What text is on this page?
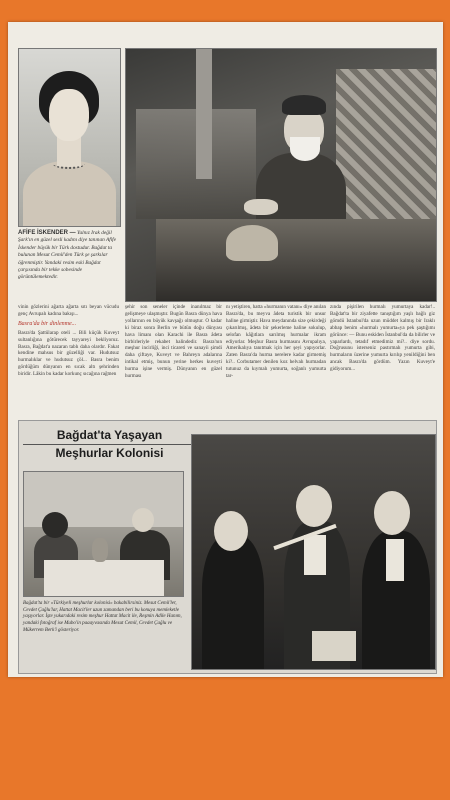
AFİFE İSKENDER — Yalnız Irak değil Şark'ın en güzel sesli kadını diye tanınan Afife İskender büyük bir Türk dostudur. Bağdat ta bulunan Mesut Cemil'den Türk şe şarkılar öğrenmiştir. Yandaki resim eski Bağdat çarşısında bir tekke sobesinde görüntülemektedir.
vinin gözlerini ağarta ağarta sıtı beyan vücudu genç Avrupalı kadına bakışı...
Basra'da bir dinlenme...
Basra'da Şattülarap oteli ... Bili küçük Kuveyt sultanlığına götürecek tayyareyi bekliyoruz. Basra, Bağdat'a nazaran tablı daha olardır. Fakat kendine mahsus bir güzelliği var. Hudutsuz hurmalıklar ve hudutsuz çöl... Basra benim gördüğüm dünyanın en sıcak altı şehrinden biridir. Lâkin bu kadar korkunç sıcağına rağmen
şehir son seneler içinde inanılmaz bir gelişmeye ulaşmıştır. Bugün Basra dünya hava yollarının en büyük kavşağı olmuştur. O kadar ki biraz sonra Berlin ve bütün doğu dünyası hava limanı olan Karachi ile Basra âdeta birbirleriyle rekabet halindedir. Basra'nın meşhur incirliği, inci ticareti ve sanayii şimdi daha çiftaye, Kuveyt ve Bahreyn adalarına intikal etmiş, bunun yerine herkes kuveyti hurma işine vermiş. Dünyanın en güzel hurması
nı yetiştiren, hatta «hurmanın vatanı» diye anılan Basra'da, bu meyva âdeta turistik bir unsur haline girmiştir. Hava meydanında size çekirdeği çıkarılmış, âdeta bir şekerleme haline sokulup, selofan kâğıtlara sarılmış hurmalar ikram ediyorlar. Meşhur Basra hurmasını Avrupalıya, Amerikalıya tanıtmak için her şeyi yapıyorlar. Zaten Basra'da hurma nerelere kadar girmemiş ki?.. Corbutamer denilen koz helvalı hurmadan tutunuz da kıymalı yumurta, soğanlı yumurta tar-
zında pişirilen hurmalı yumurtaya kadar!.. Bağdat'ta bir ziyafette tanıştığım yaşlı bağlı giz gömdü Istanbul'da uzun müddet kalmış bir Iraklı abbap benim «hurmalı yumurta»ya pek şaştığımı görünce: — Bunu eskiden İstanbul'da da bilirler ve yaparlardı, tetadıf etmedimiz mi?.. diye sordu. Doğrusunu isterseniz pastırmalı yumurta gibi, hurmaların üzerine yumurta kırılıp yenildiğini ben ancak Basra'da gördüm. Yazın Kuveyt'e gidiyorum...
Bağdat'ta Yaşayan
Meşhurlar Kolonisi
Bağdat'ta bir «Türkiyeli meşhurlar kolonisi» bakabilirsiniz. Mesut Cemil'ler, Cevdet Çağlu'lar, Hattat Macit'ler uzun zamandan beri bu konuya memleketle yaşıyorlar. İşte yukarıdaki resim meşhur Hattat Macit ile, Reşmin Adile Hanım, yandaki fotoğraf ise Mubo'in paaayvasında Mesut Cemil, Cevdet Çağlu ve Mükerrem Berk'i gösteriyor.
